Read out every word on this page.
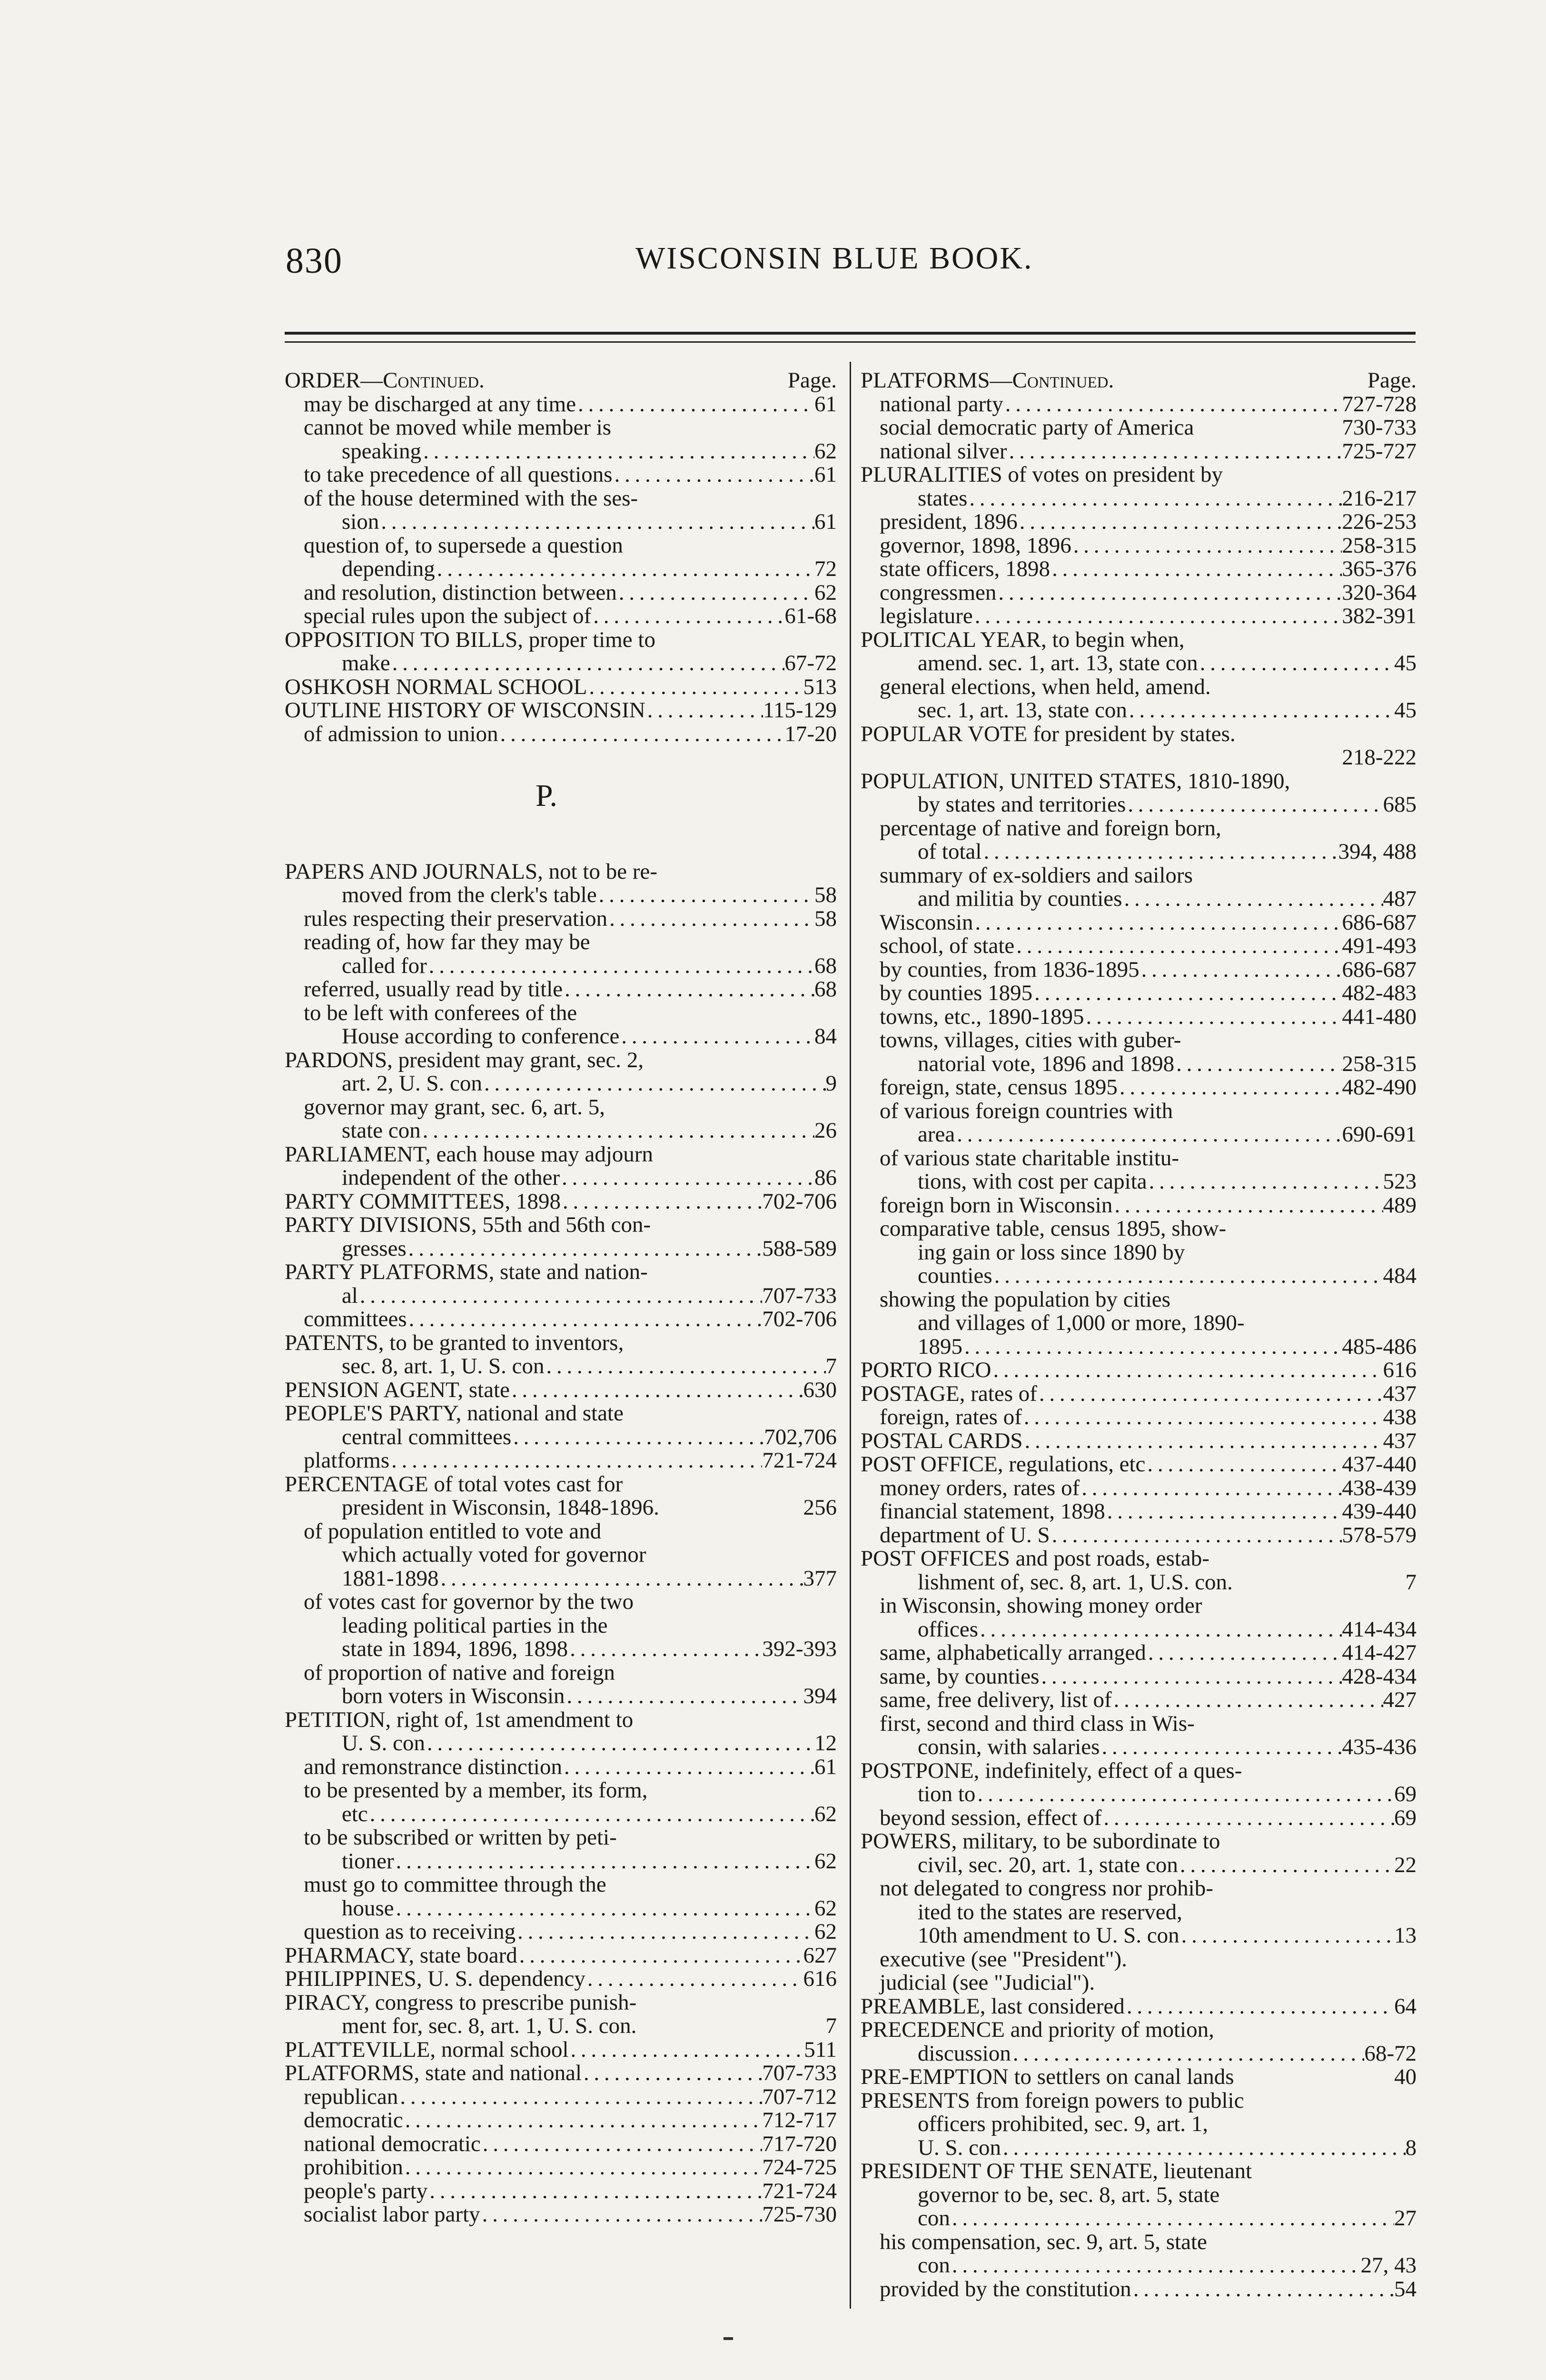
830	WISCONSIN BLUE BOOK.
ORDER—Continued.	Page.
may be discharged at any time . . .	61
cannot be moved while member is
speaking . . .	62
to take precedence of all questions . . .	61
of the house determined with the ses-
sion . . .	61
question of, to supersede a question
depending . . .	72
and resolution, distinction between . . .	62
special rules upon the subject of . . .	61-68
OPPOSITION TO BILLS, proper time to
make . . .	67-72
OSHKOSH NORMAL SCHOOL . . .	513
OUTLINE HISTORY OF WISCONSIN . . .	115-129
of admission to union . . .	17-20
P.
PAPERS AND JOURNALS, not to be re-
moved from the clerk's table . . .	58
rules respecting their preservation . . .	58
reading of, how far they may be
called for . . .	68
referred, usually read by title . . .	68
to be left with conferees of the
House according to conference . . .	84
PARDONS, president may grant, sec. 2,
art. 2, U. S. con . . .	9
governor may grant, sec. 6, art. 5,
state con . . .	26
PARLIAMENT, each house may adjourn
independent of the other . . .	86
PARTY COMMITTEES, 1898 . . .	702-706
PARTY DIVISIONS, 55th and 56th con-
gresses . . .	588-589
PARTY PLATFORMS, state and nation-
al . . .	707-733
committees . . .	702-706
PATENTS, to be granted to inventors,
sec. 8, art. 1, U. S. con . . .	7
PENSION AGENT, state . . .	630
PEOPLE'S PARTY, national and state
central committees . . .	702,706
platforms . . .	721-724
PERCENTAGE of total votes cast for
president in Wisconsin, 1848-1896.	256
of population entitled to vote and
which actually voted for governor
1881-1898 . . .	377
of votes cast for governor by the two
leading political parties in the
state in 1894, 1896, 1898 . . .	392-393
of proportion of native and foreign
born voters in Wisconsin . . .	394
PETITION, right of, 1st amendment to
U. S. con . . .	12
and remonstrance distinction . . .	61
to be presented by a member, its form,
etc . . .	62
to be subscribed or written by peti-
tioner . . .	62
must go to committee through the
house . . .	62
question as to receiving . . .	62
PHARMACY, state board . . .	627
PHILIPPINES, U. S. dependency . . .	616
PIRACY, congress to prescribe punish-
ment for, sec. 8, art. 1, U. S. con.	7
PLATTEVILLE, normal school . . .	511
PLATFORMS, state and national . . .	707-733
republican . . .	707-712
democratic . . .	712-717
national democratic . . .	717-720
prohibition . . .	724-725
people's party . . .	721-724
socialist labor party . . .	725-730
PLATFORMS—Continued.	Page.
national party . . .	727-728
social democratic party of America	730-733
national silver . . .	725-727
PLURALITIES of votes on president by
states . . .	216-217
president, 1896 . . .	226-253
governor, 1898, 1896 . . .	258-315
state officers, 1898 . . .	365-376
congressmen . . .	320-364
legislature . . .	382-391
POLITICAL YEAR, to begin when,
amend. sec. 1, art. 13, state con . . .	45
general elections, when held, amend.
sec. 1, art. 13, state con . . .	45
POPULAR VOTE for president by states.
218-222
POPULATION, UNITED STATES, 1810-1890,
by states and territories . . .	685
percentage of native and foreign born,
of total . . .	394, 488
summary of ex-soldiers and sailors
and militia by counties . . .	487
Wisconsin . . .	686-687
school, of state . . .	491-493
by counties, from 1836-1895 . . .	686-687
by counties 1895 . . .	482-483
towns, etc., 1890-1895 . . .	441-480
towns, villages, cities with guber-
natorial vote, 1896 and 1898 . . .	258-315
foreign, state, census 1895 . . .	482-490
of various foreign countries with
area . . .	690-691
of various state charitable institu-
tions, with cost per capita . . .	523
foreign born in Wisconsin . . .	489
comparative table, census 1895, show-
ing gain or loss since 1890 by
counties . . .	484
showing the population by cities
and villages of 1,000 or more, 1890-
1895 . . .	485-486
PORTO RICO . . .	616
POSTAGE, rates of . . .	437
foreign, rates of . . .	438
POSTAL CARDS . . .	437
POST OFFICE, regulations, etc . . .	437-440
money orders, rates of . . .	438-439
financial statement, 1898 . . .	439-440
department of U. S . . .	578-579
POST OFFICES and post roads, estab-
lishment of, sec. 8, art. 1, U.S. con.	7
in Wisconsin, showing money order
offices . . .	414-434
same, alphabetically arranged . . .	414-427
same, by counties . . .	428-434
same, free delivery, list of . . .	427
first, second and third class in Wis-
consin, with salaries . . .	435-436
POSTPONE, indefinitely, effect of a ques-
tion to . . .	69
beyond session, effect of . . .	69
POWERS, military, to be subordinate to
civil, sec. 20, art. 1, state con . . .	22
not delegated to congress nor prohib-
ited to the states are reserved,
10th amendment to U. S. con . . .	13
executive (see "President").
judicial (see "Judicial").
PREAMBLE, last considered . . .	64
PRECEDENCE and priority of motion,
discussion . . .	68-72
PRE-EMPTION to settlers on canal lands	40
PRESENTS from foreign powers to public
officers prohibited, sec. 9, art. 1,
U. S. con . . .	8
PRESIDENT OF THE SENATE, lieutenant
governor to be, sec. 8, art. 5, state
con . . .	27
his compensation, sec. 9, art. 5, state
con . . .	27, 43
provided by the constitution . . .	54
